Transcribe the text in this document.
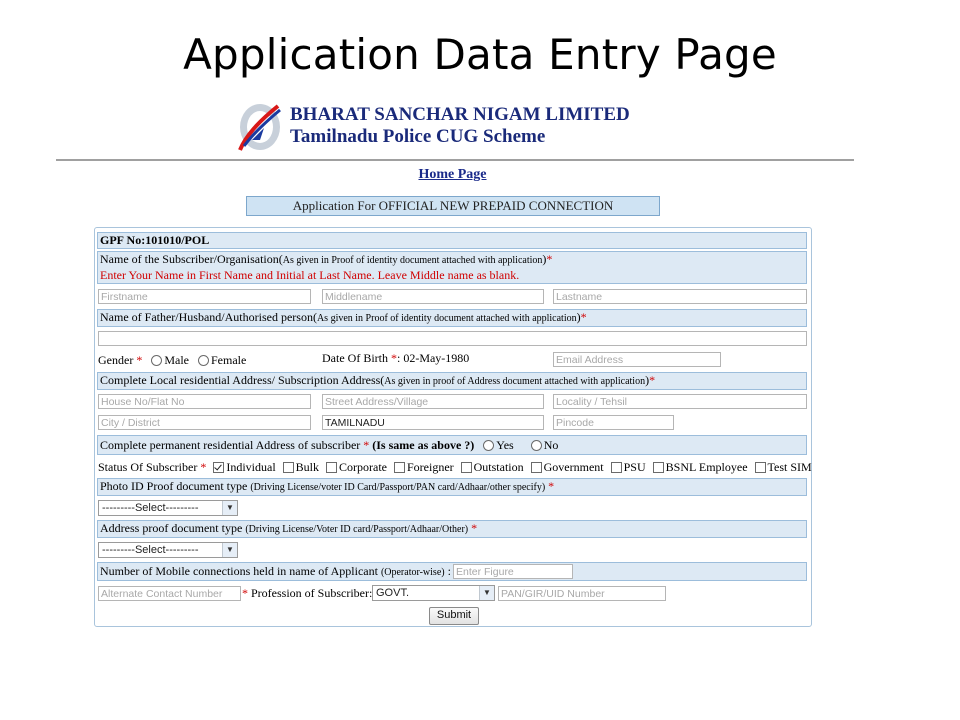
Application Data Entry Page
BHARAT SANCHAR NIGAM LIMITED
Tamilnadu Police CUG Scheme
Home Page
Application For OFFICIAL NEW PREPAID CONNECTION
GPF No:101010/POL
Name of the Subscriber/Organisation(As given in Proof of identity document attached with application)*
Enter Your Name in First Name and Initial at Last Name. Leave Middle name as blank.
Firstname	Middlename	Lastname
Name of Father/Husband/Authorised person(As given in Proof of identity document attached with application)*
Gender * Male Female	Date Of Birth *: 02-May-1980	Email Address
Complete Local residential Address/ Subscription Address(As given in proof of Address document attached with application)*
House No/Flat No	Street Address/Village	Locality / Tehsil
City / District	TAMILNADU	Pincode
Complete permanent residential Address of subscriber * (Is same as above ?) Yes	No
Status Of Subscriber * Individual Bulk Corporate Foreigner Outstation Government PSU BSNL Employee Test SIM
Photo ID Proof document type (Driving License/voter ID Card/Passport/PAN card/Adhaar/other specify) *
---------Select---------	▼
Address proof document type (Driving License/Voter ID card/Passport/Adhaar/Other) *
---------Select---------	▼
Number of Mobile connections held in name of Applicant (Operator-wise) : Enter Figure
Alternate Contact Number	* Profession of Subscriber: GOVT.	▼ PAN/GIR/UID Number
Submit
